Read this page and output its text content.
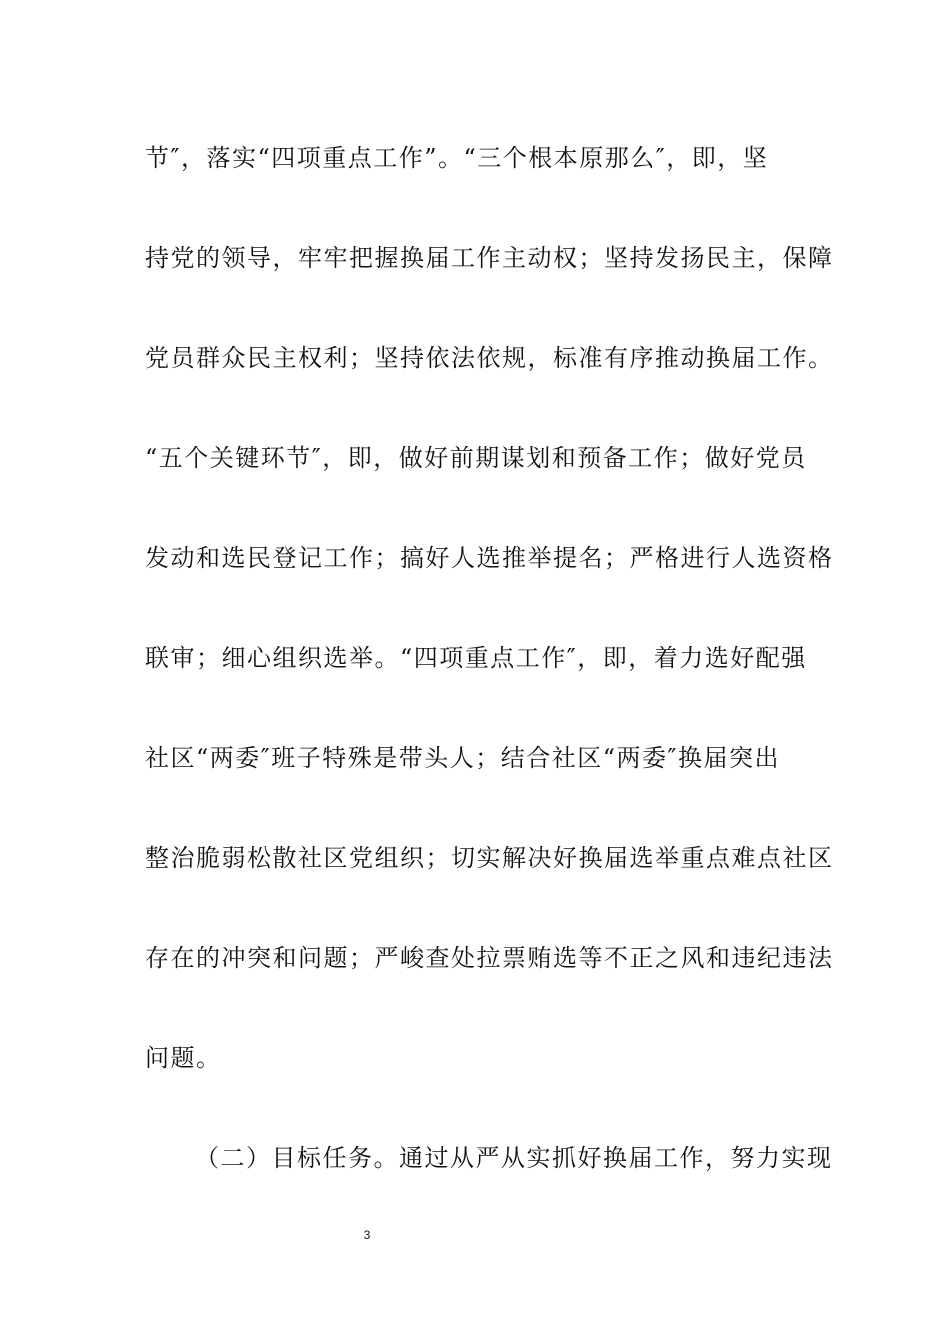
节″，落实“四项重点工作”。“三个根本原那么″，即，坚
持党的领导，牢牢把握换届工作主动权；坚持发扬民主，保障
党员群众民主权利；坚持依法依规，标准有序推动换届工作。
“五个关键环节″，即，做好前期谋划和预备工作；做好党员
发动和选民登记工作；搞好人选推举提名；严格进行人选资格
联审；细心组织选举。“四项重点工作″，即，着力选好配强
社区“两委″班子特殊是带头人；结合社区“两委″换届突出
整治脆弱松散社区党组织；切实解决好换届选举重点难点社区
存在的冲突和问题；严峻查处拉票贿选等不正之风和违纪违法
问题。
（二）目标任务。通过从严从实抓好换届工作，努力实现
3
